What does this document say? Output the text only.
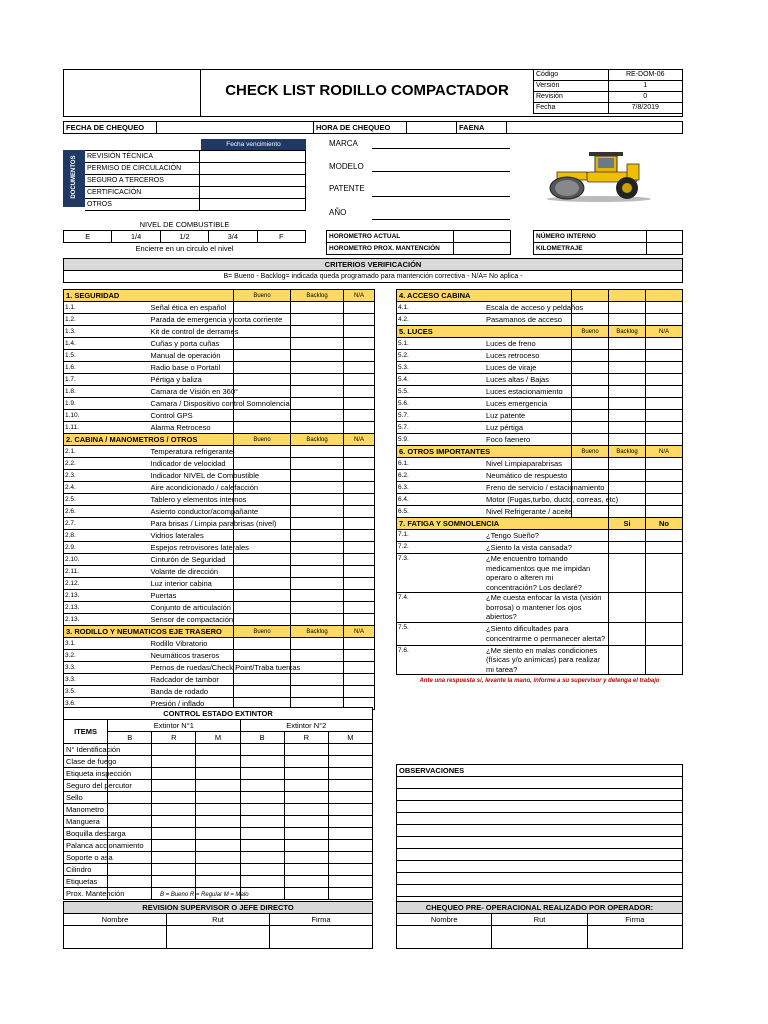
CHECK LIST RODILLO COMPACTADOR
Código	RE-DOM-06
Versión	1
Revisión	0
Fecha	7/8/2019
FECHA DE CHEQUEO		HORA DE CHEQUEO		FAENA	
DOCUMENTOS
Fecha vencimiento
REVISIÓN TÉCNICA	
PERMISO DE CIRCULACIÓN	
SEGURO A TERCEROS	
CERTIFICACIÓN	
OTROS	
MARCA
MODELO
PATENTE
AÑO
NIVEL DE COMBUSTIBLE
E	1/4	1/2	3/4	F
Encierre en un circulo el nivel
HOROMETRO ACTUAL	
HOROMETRO PROX. MANTENCIÓN	
NÚMERO INTERNO	
KILOMETRAJE	
CRITERIOS VERIFICACIÓN
B= Bueno - Backlog= indicada queda programado para mantención correctiva - N/A= No aplica -
1. SEGURIDAD		Bueno	Backlog	N/A
1.1.	Señal ética en español			
1.2.	Parada de emergencia y corta corriente			
1.3.	Kit de control de derrames			
1.4.	Cuñas y porta cuñas			
1.5.	Manual de operación			
1.6.	Radio base o Portatil			
1.7.	Pértiga y baliza			
1.8.	Camara de Visión en 360°			
1.9.	Camara / Dispositivo control Somnolencia			
1.10.	Control GPS			
1.11.	Alarma Retroceso			
2. CABINA / MANOMETROS / OTROS		Bueno	Backlog	N/A
2.1.	Temperatura refrigerante			
2.2.	Indicador de velocidad			
2.3.	Indicador NIVEL de Combustible			
2.4.	Aire acondicionado / calefacción			
2.5.	Tablero y elementos internos			
2.6.	Asiento conductor/acompañante			
2.7.	Para brisas / Limpia parabrisas (nivel)			
2.8.	Vidrios laterales			
2.9.	Espejos retrovisores laterales			
2.10.	Cinturón de Seguridad			
2.11.	Volante de dirección			
2.12.	Luz interior cabina			
2.13.	Puertas			
2.13.	Conjunto de articulación			
2.13.	Sensor de compactación			
3. RODILLO Y NEUMATICOS EJE TRASERO		Bueno	Backlog	N/A
3.1.	Rodillo Vibratorio			
3.2.	Neumáticos traseros			
3.3.	Pernos de ruedas/Check Point/Traba tuercas			
3.3.	Radcador de tambor			
3.5.	Banda de rodado			
3.6.	Presión / inflado			
4. ACCESO CABINA				
4.1.	Escala de acceso y peldaños			
4.2.	Pasamanos de acceso			
5. LUCES		Bueno	Backlog	N/A
5.1.	Luces de freno			
5.2.	Luces retroceso			
5.3.	Luces de viraje			
5.4.	Luces altas / Bajas			
5.5.	Luces estacionamiento			
5.6.	Luces emergencia			
5.7.	Luz patente			
5.7.	Luz pértiga			
5.9.	Foco faenero			
6. OTROS IMPORTANTES		Bueno	Backlog	N/A
6.1.	Nivel Limpiaparabrisas			
6.2.	Neumático de respuesto			
6.3.	Freno de servicio / estacionamiento			
6.4.	Motor (Fugas,turbo, ducto, correas, etc)			
6.5.	Nivel Refrigerante / aceite			
7. FATIGA Y SOMNOLENCIA			Si	No
7.1.	¿Tengo Sueño?			
7.2.	¿Siento la vista cansada?			
7.3.	¿Me encuentro tomando medicamentos que me impidan operaro o alteren mi concentración? Los declaré?			
7.4.	¿Me cuesta enfocar la vista (visión borrosa) o mantener los ojos abiertos?			
7.5.	¿Siento dificultades para concentrarme o permanecer alerta?			
7.6.	¿Me siento en malas condiciones (físicas y/o anímicas) para realizar mi tarea?			
Ante una respuesta si, levante la mano, informe a su supervisor y detenga el trabajo				
CONTROL ESTADO EXTINTOR						
ITEMS	Extintor N°1			Extintor N°2		
	B	R	M	B	R	M
N° Identificación						
Clase de fuego						
Etiqueta inspección						
Seguro del percutor						
Sello						
Manometro						
Manguera						
Boquilla descarga						
Palanca accionamiento						
Soporte o asa						
Cilindro						
Etiquetas						
Prox. Mantención							B = Bueno R = Regular M = Malo
OBSERVACIONES

REVISION SUPERVISOR O JEFE DIRECTO		
Nombre	Rut	Firma

CHEQUEO PRE- OPERACIONAL REALIZADO POR OPERADOR:		
Nombre	Rut	Firma
